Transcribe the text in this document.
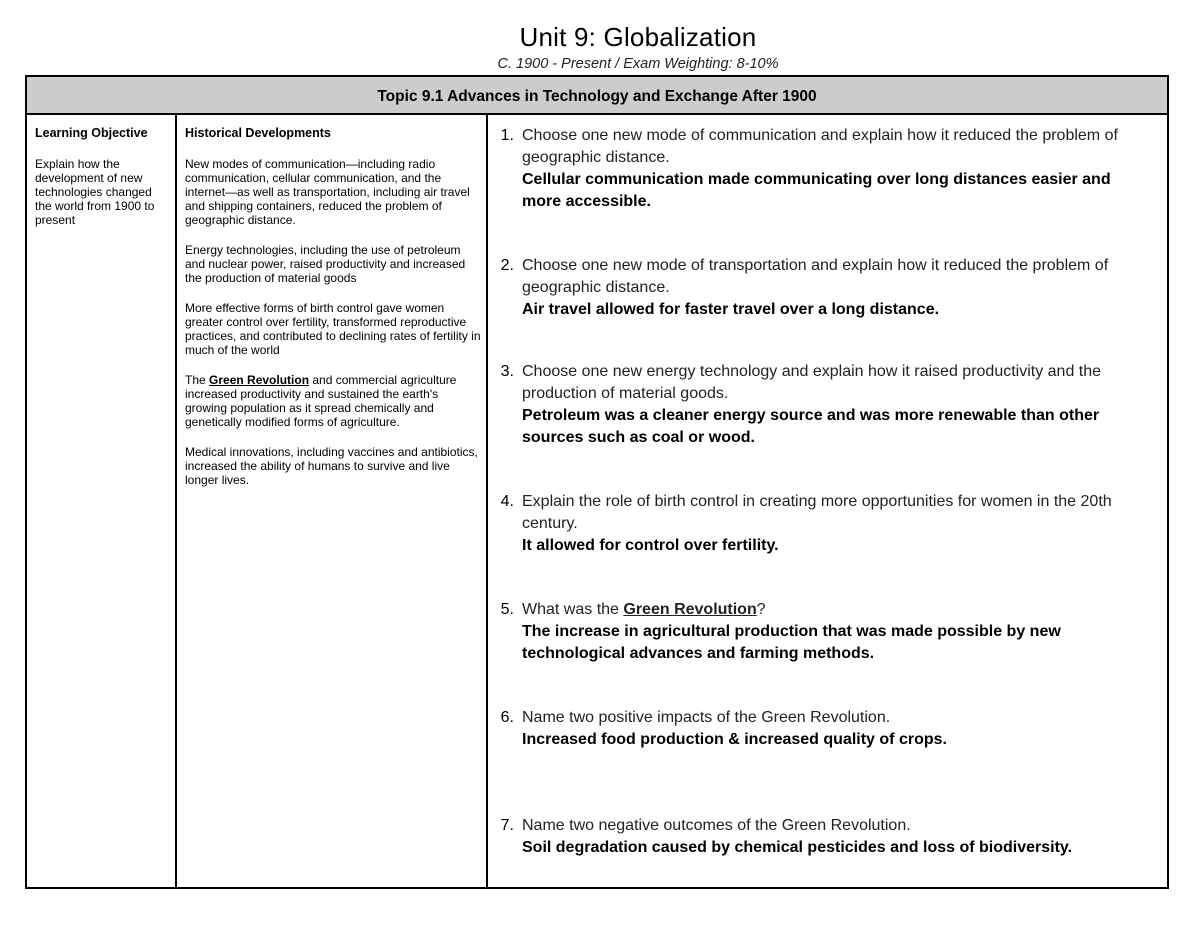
Unit 9: Globalization
C. 1900 - Present / Exam Weighting: 8-10%
Topic 9.1 Advances in Technology and Exchange After 1900
Learning Objective
Explain how the development of new technologies changed the world from 1900 to present
Historical Developments

New modes of communication—including radio communication, cellular communication, and the internet—as well as transportation, including air travel and shipping containers, reduced the problem of geographic distance.

Energy technologies, including the use of petroleum and nuclear power, raised productivity and increased the production of material goods

More effective forms of birth control gave women greater control over fertility, transformed reproductive practices, and contributed to declining rates of fertility in much of the world

The Green Revolution and commercial agriculture increased productivity and sustained the earth's growing population as it spread chemically and genetically modified forms of agriculture.

Medical innovations, including vaccines and antibiotics, increased the ability of humans to survive and live longer lives.

1. Choose one new mode of communication and explain how it reduced the problem of geographic distance.
Cellular communication made communicating over long distances easier and more accessible.
2. Choose one new mode of transportation and explain how it reduced the problem of geographic distance.
Air travel allowed for faster travel over a long distance.
3. Choose one new energy technology and explain how it raised productivity and the production of material goods.
Petroleum was a cleaner energy source and was more renewable than other sources such as coal or wood.
4. Explain the role of birth control in creating more opportunities for women in the 20th century.
It allowed for control over fertility.
5. What was the Green Revolution?
The increase in agricultural production that was made possible by new technological advances and farming methods.
6. Name two positive impacts of the Green Revolution.
Increased food production & increased quality of crops.
7. Name two negative outcomes of the Green Revolution.
Soil degradation caused by chemical pesticides and loss of biodiversity.
